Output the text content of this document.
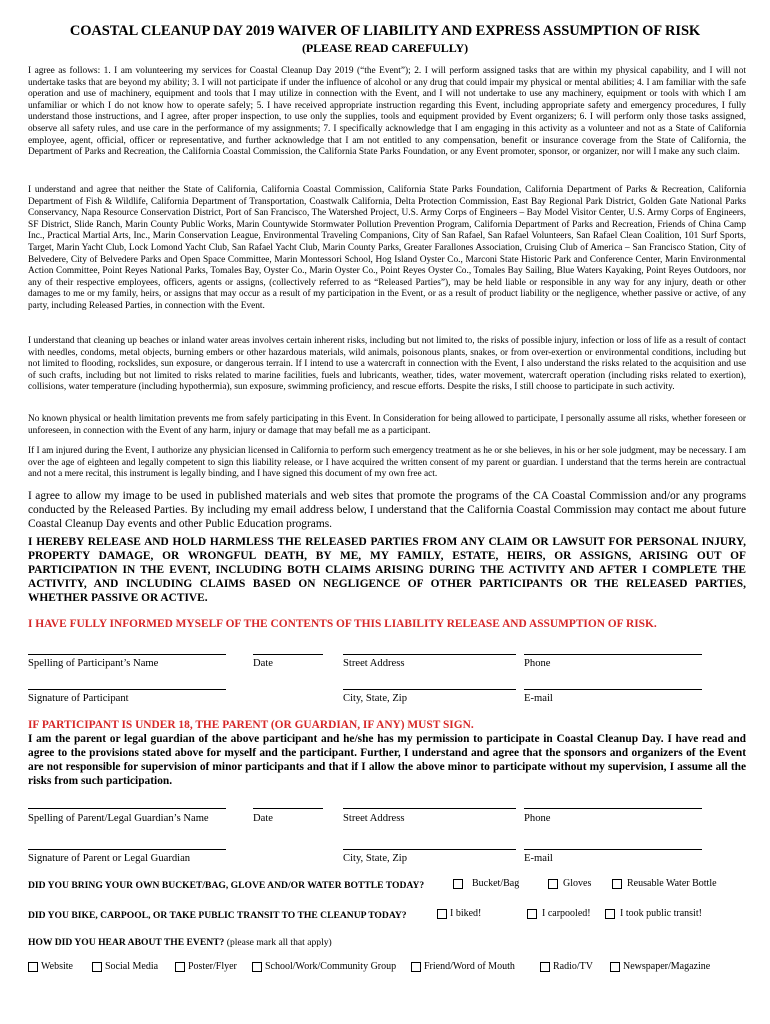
COASTAL CLEANUP DAY 2019 WAIVER OF LIABILITY AND EXPRESS ASSUMPTION OF RISK
(PLEASE READ CAREFULLY)
I agree as follows: 1. I am volunteering my services for Coastal Cleanup Day 2019 (“the Event”); 2. I will perform assigned tasks that are within my physical capability, and I will not undertake tasks that are beyond my ability; 3. I will not participate if under the influence of alcohol or any drug that could impair my physical or mental abilities; 4. I am familiar with the safe operation and use of machinery, equipment and tools that I may utilize in connection with the Event, and I will not undertake to use any machinery, equipment or tools with which I am unfamiliar or which I do not know how to operate safely; 5. I have received appropriate instruction regarding this Event, including appropriate safety and emergency procedures, I fully understand those instructions, and I agree, after proper inspection, to use only the supplies, tools and equipment provided by Event organizers; 6. I will perform only those tasks assigned, observe all safety rules, and use care in the performance of my assignments; 7. I specifically acknowledge that I am engaging in this activity as a volunteer and not as a State of California employee, agent, official, officer or representative, and further acknowledge that I am not entitled to any compensation, benefit or insurance coverage from the State of California, the Department of Parks and Recreation, the California Coastal Commission, the California State Parks Foundation, or any Event promoter, sponsor, or organizer, nor will I make any such claim.
I understand and agree that neither the State of California, California Coastal Commission, California State Parks Foundation, California Department of Parks & Recreation, California Department of Fish & Wildlife, California Department of Transportation, Coastwalk California, Delta Protection Commission, East Bay Regional Park District, Golden Gate National Parks Conservancy, Napa Resource Conservation District, Port of San Francisco, The Watershed Project, U.S. Army Corps of Engineers – Bay Model Visitor Center, U.S. Army Corps of Engineers, SF District, Slide Ranch, Marin County Public Works, Marin Countywide Stormwater Pollution Prevention Program, California Department of Parks and Recreation, Friends of China Camp Inc., Practical Martial Arts, Inc., Marin Conservation League, Environmental Traveling Companions, City of San Rafael, San Rafael Volunteers, San Rafael Clean Coalition, 101 Surf Sports, Target, Marin Yacht Club, Lock Lomond Yacht Club, San Rafael Yacht Club, Marin County Parks, Greater Farallones Association, Cruising Club of America – San Francisco Station, City of Belvedere, City of Belvedere Parks and Open Space Committee, Marin Montessori School, Hog Island Oyster Co., Marconi State Historic Park and Conference Center, Marin Environmental Action Committee, Point Reyes National Parks, Tomales Bay, Oyster Co., Marin Oyster Co., Point Reyes Oyster Co., Tomales Bay Sailing, Blue Waters Kayaking, Point Reyes Outdoors, nor any of their respective employees, officers, agents or assigns, (collectively referred to as “Released Parties”), may be held liable or responsible in any way for any injury, death or other damages to me or my family, heirs, or assigns that may occur as a result of my participation in the Event, or as a result of product liability or the negligence, whether passive or active, of any party, including Released Parties, in connection with the Event.
I understand that cleaning up beaches or inland water areas involves certain inherent risks, including but not limited to, the risks of possible injury, infection or loss of life as a result of contact with needles, condoms, metal objects, burning embers or other hazardous materials, wild animals, poisonous plants, snakes, or from over-exertion or environmental conditions, including but not limited to flooding, rockslides, sun exposure, or dangerous terrain. If I intend to use a watercraft in connection with the Event, I also understand the risks related to the acquisition and use of such crafts, including but not limited to risks related to marine facilities, fuels and lubricants, weather, tides, water movement, watercraft operation (including risks related to exertion), collisions, water temperature (including hypothermia), sun exposure, swimming proficiency, and rescue efforts. Despite the risks, I still choose to participate in such activity.
No known physical or health limitation prevents me from safely participating in this Event. In Consideration for being allowed to participate, I personally assume all risks, whether foreseen or unforeseen, in connection with the Event of any harm, injury or damage that may befall me as a participant.
If I am injured during the Event, I authorize any physician licensed in California to perform such emergency treatment as he or she believes, in his or her sole judgment, may be necessary. I am over the age of eighteen and legally competent to sign this liability release, or I have acquired the written consent of my parent or guardian. I understand that the terms herein are contractual and not a mere recital, this instrument is legally binding, and I have signed this document of my own free act.
I agree to allow my image to be used in published materials and web sites that promote the programs of the CA Coastal Commission and/or any programs conducted by the Released Parties. By including my email address below, I understand that the California Coastal Commission may contact me about future Coastal Cleanup Day events and other Public Education programs.
I HEREBY RELEASE AND HOLD HARMLESS THE RELEASED PARTIES FROM ANY CLAIM OR LAWSUIT FOR PERSONAL INJURY, PROPERTY DAMAGE, OR WRONGFUL DEATH, BY ME, MY FAMILY, ESTATE, HEIRS, OR ASSIGNS, ARISING OUT OF PARTICIPATION IN THE EVENT, INCLUDING BOTH CLAIMS ARISING DURING THE ACTIVITY AND AFTER I COMPLETE THE ACTIVITY, AND INCLUDING CLAIMS BASED ON NEGLIGENCE OF OTHER PARTICIPANTS OR THE RELEASED PARTIES, WHETHER PASSIVE OR ACTIVE.
I HAVE FULLY INFORMED MYSELF OF THE CONTENTS OF THIS LIABILITY RELEASE AND ASSUMPTION OF RISK.
Spelling of Participant’s Name	Date	Street Address	Phone
Signature of Participant	City, State, Zip	E-mail
IF PARTICIPANT IS UNDER 18, THE PARENT (OR GUARDIAN, IF ANY) MUST SIGN.
I am the parent or legal guardian of the above participant and he/she has my permission to participate in Coastal Cleanup Day. I have read and agree to the provisions stated above for myself and the participant. Further, I understand and agree that the sponsors and organizers of the Event are not responsible for supervision of minor participants and that if I allow the above minor to participate without my supervision, I assume all the risks from such participation.
Spelling of Parent/Legal Guardian’s Name	Date	Street Address	Phone
Signature of Parent or Legal Guardian	City, State, Zip	E-mail
DID YOU BRING YOUR OWN BUCKET/BAG, GLOVE AND/OR WATER BOTTLE TODAY?	Bucket/Bag	Gloves	Reusable Water Bottle
DID YOU BIKE, CARPOOL, OR TAKE PUBLIC TRANSIT TO THE CLEANUP TODAY?	I biked!	I carpooled!	I took public transit!
HOW DID YOU HEAR ABOUT THE EVENT? (please mark all that apply)
Website	Social Media	Poster/Flyer	School/Work/Community Group	Friend/Word of Mouth	Radio/TV	Newspaper/Magazine
